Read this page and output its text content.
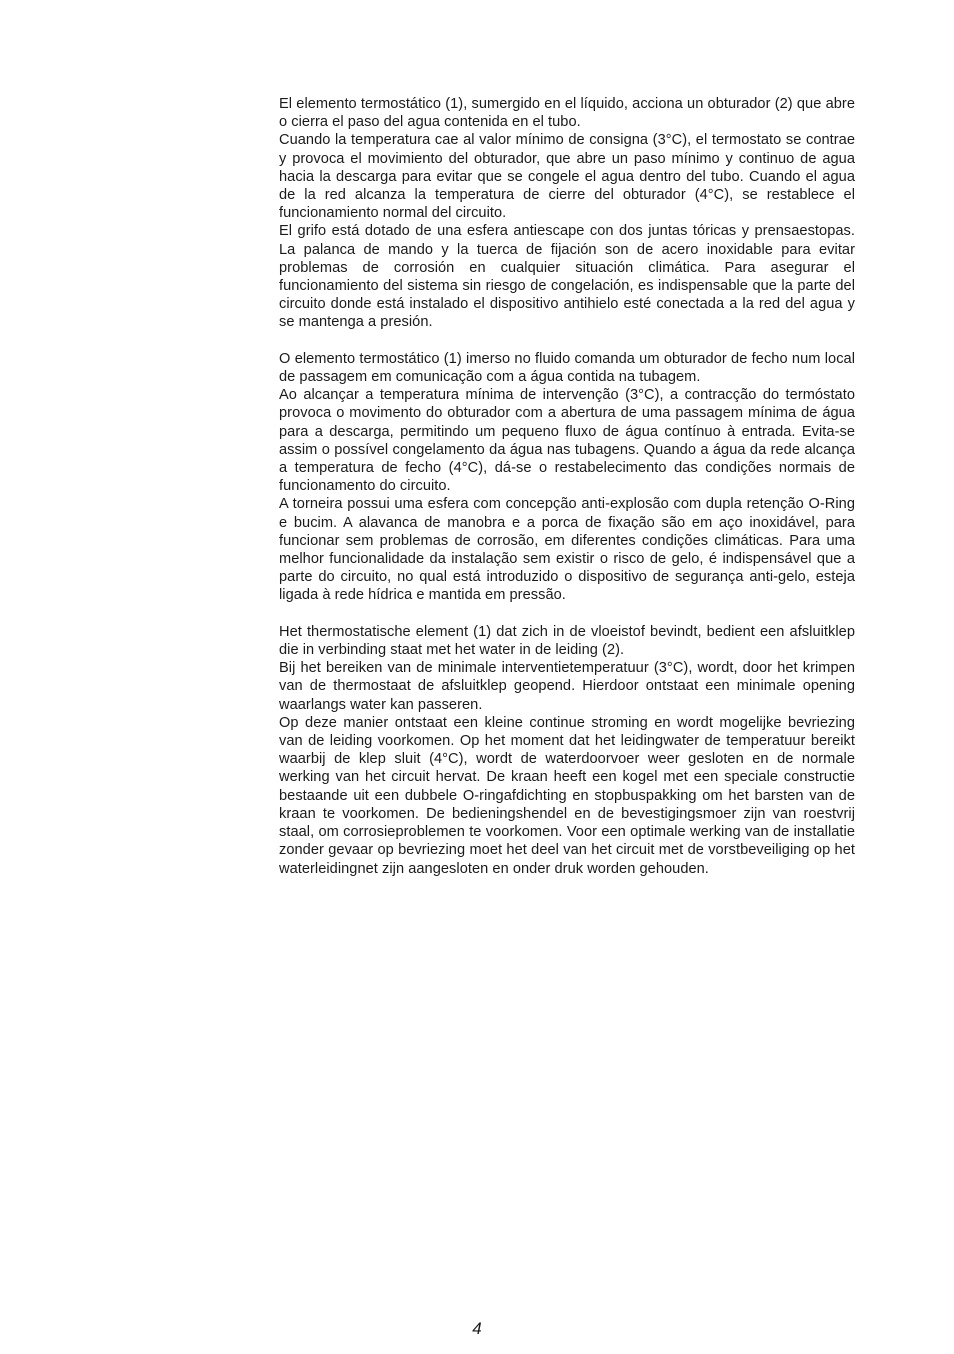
El elemento termostático (1), sumergido en el líquido, acciona un obturador (2) que abre o cierra el paso del agua contenida en el tubo.

Cuando la temperatura cae al valor mínimo de consigna (3°C), el termostato se contrae y provoca el movimiento del obturador, que abre un paso mínimo y continuo de agua hacia la descarga para evitar que se congele el agua dentro del tubo. Cuando el agua de la red alcanza la temperatura de cierre del obturador (4°C), se restablece el funcionamiento normal del circuito.

El grifo está dotado de una esfera antiescape con dos juntas tóricas y prensaestopas. La palanca de mando y la tuerca de fijación son de acero inoxidable para evitar problemas de corrosión en cualquier situación climática. Para asegurar el funcionamiento del sistema sin riesgo de congelación, es indispensable que la parte del circuito donde está instalado el dispositivo antihielo esté conectada a la red del agua y se mantenga a presión.

O elemento termostático (1) imerso no fluido comanda um obturador de fecho num local de passagem em comunicação com a água contida na tubagem.

Ao alcançar a temperatura mínima de intervenção (3°C), a contracção do termóstato provoca o movimento do obturador com a abertura de uma passagem mínima de água para a descarga, permitindo um pequeno fluxo de água contínuo à entrada. Evita-se assim o possível congelamento da água nas tubagens. Quando a água da rede alcança a temperatura de fecho (4°C), dá-se o restabelecimento das condições normais de funcionamento do circuito.

A torneira possui uma esfera com concepção anti-explosão com dupla retenção O-Ring e bucim. A alavanca de manobra e a porca de fixação são em aço inoxidável, para funcionar sem problemas de corrosão, em diferentes condições climáticas. Para uma melhor funcionalidade da instalação sem existir o risco de gelo, é indispensável que a parte do circuito, no qual está introduzido o dispositivo de segurança anti-gelo, esteja ligada à rede hídrica e mantida em pressão.

Het thermostatische element (1) dat zich in de vloeistof bevindt, bedient een afsluitklep die in verbinding staat met het water in de leiding (2).

Bij het bereiken van de minimale interventietemperatuur (3°C), wordt, door het krimpen van de thermostaat de afsluitklep geopend. Hierdoor ontstaat een minimale opening waarlangs water kan passeren.

Op deze manier ontstaat een kleine continue stroming en wordt mogelijke bevriezing van de leiding voorkomen. Op het moment dat het leidingwater de temperatuur bereikt waarbij de klep sluit (4°C), wordt de waterdoorvoer weer gesloten en de normale werking van het circuit hervat. De kraan heeft een kogel met een speciale constructie bestaande uit een dubbele O-ringafdichting en stopbuspakking om het barsten van de kraan te voorkomen. De bedieningshendel en de bevestigingsmoer zijn van roestvrij staal, om corrosieproblemen te voorkomen. Voor een optimale werking van de installatie zonder gevaar op bevriezing moet het deel van het circuit met de vorstbeveiliging op het waterleidingnet zijn aangesloten en onder druk worden gehouden.

4
